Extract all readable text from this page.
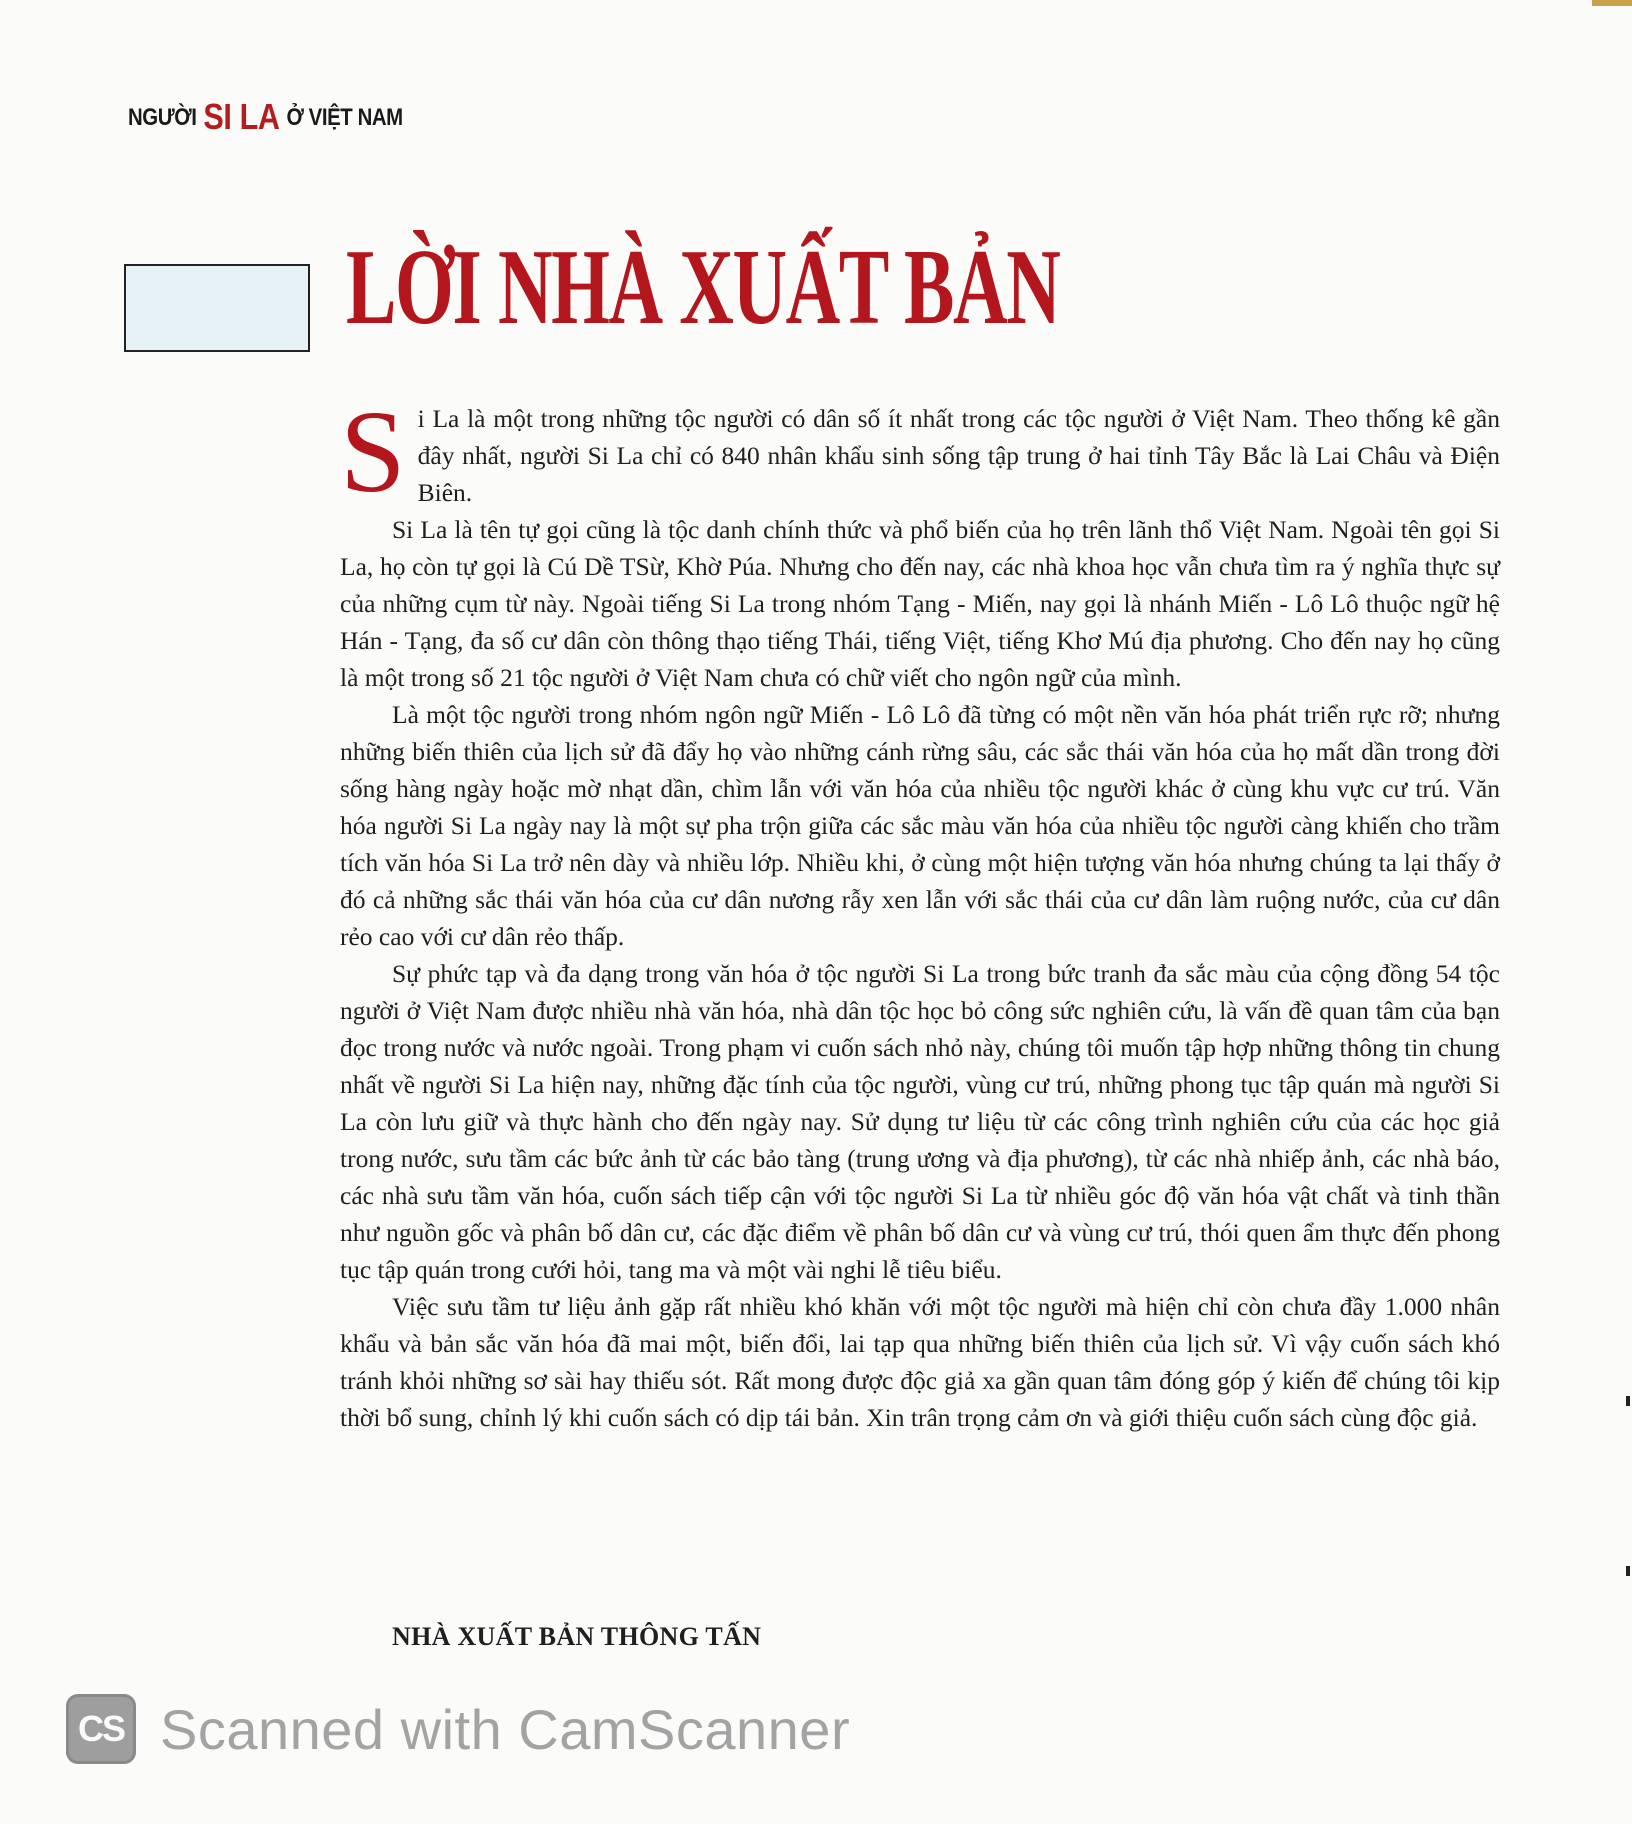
NGƯỜI SI LA Ở VIỆT NAM
LỜI NHÀ XUẤT BẢN

S i La là một trong những tộc người có dân số ít nhất trong các tộc người ở Việt Nam. Theo thống kê gần đây nhất, người Si La chỉ có 840 nhân khẩu sinh sống tập trung ở hai tỉnh Tây Bắc là Lai Châu và Điện Biên.

Si La là tên tự gọi cũng là tộc danh chính thức và phổ biến của họ trên lãnh thổ Việt Nam. Ngoài tên gọi Si La, họ còn tự gọi là Cú Dề TSừ, Khờ Púa. Nhưng cho đến nay, các nhà khoa học vẫn chưa tìm ra ý nghĩa thực sự của những cụm từ này. Ngoài tiếng Si La trong nhóm Tạng - Miến, nay gọi là nhánh Miến - Lô Lô thuộc ngữ hệ Hán - Tạng, đa số cư dân còn thông thạo tiếng Thái, tiếng Việt, tiếng Khơ Mú địa phương. Cho đến nay họ cũng là một trong số 21 tộc người ở Việt Nam chưa có chữ viết cho ngôn ngữ của mình.

Là một tộc người trong nhóm ngôn ngữ Miến - Lô Lô đã từng có một nền văn hóa phát triển rực rỡ; nhưng những biến thiên của lịch sử đã đẩy họ vào những cánh rừng sâu, các sắc thái văn hóa của họ mất dần trong đời sống hàng ngày hoặc mờ nhạt dần, chìm lẫn với văn hóa của nhiều tộc người khác ở cùng khu vực cư trú. Văn hóa người Si La ngày nay là một sự pha trộn giữa các sắc màu văn hóa của nhiều tộc người càng khiến cho trầm tích văn hóa Si La trở nên dày và nhiều lớp. Nhiều khi, ở cùng một hiện tượng văn hóa nhưng chúng ta lại thấy ở đó cả những sắc thái văn hóa của cư dân nương rẫy xen lẫn với sắc thái của cư dân làm ruộng nước, của cư dân rẻo cao với cư dân rẻo thấp.

Sự phức tạp và đa dạng trong văn hóa ở tộc người Si La trong bức tranh đa sắc màu của cộng đồng 54 tộc người ở Việt Nam được nhiều nhà văn hóa, nhà dân tộc học bỏ công sức nghiên cứu, là vấn đề quan tâm của bạn đọc trong nước và nước ngoài. Trong phạm vi cuốn sách nhỏ này, chúng tôi muốn tập hợp những thông tin chung nhất về người Si La hiện nay, những đặc tính của tộc người, vùng cư trú, những phong tục tập quán mà người Si La còn lưu giữ và thực hành cho đến ngày nay. Sử dụng tư liệu từ các công trình nghiên cứu của các học giả trong nước, sưu tầm các bức ảnh từ các bảo tàng (trung ương và địa phương), từ các nhà nhiếp ảnh, các nhà báo, các nhà sưu tầm văn hóa, cuốn sách tiếp cận với tộc người Si La từ nhiều góc độ văn hóa vật chất và tinh thần như nguồn gốc và phân bố dân cư, các đặc điểm về phân bố dân cư và vùng cư trú, thói quen ẩm thực đến phong tục tập quán trong cưới hỏi, tang ma và một vài nghi lễ tiêu biểu.

Việc sưu tầm tư liệu ảnh gặp rất nhiều khó khăn với một tộc người mà hiện chỉ còn chưa đầy 1.000 nhân khẩu và bản sắc văn hóa đã mai một, biến đổi, lai tạp qua những biến thiên của lịch sử. Vì vậy cuốn sách khó tránh khỏi những sơ sài hay thiếu sót. Rất mong được độc giả xa gần quan tâm đóng góp ý kiến để chúng tôi kịp thời bổ sung, chỉnh lý khi cuốn sách có dịp tái bản. Xin trân trọng cảm ơn và giới thiệu cuốn sách cùng độc giả.

NHÀ XUẤT BẢN THÔNG TẤN
CS Scanned with CamScanner
